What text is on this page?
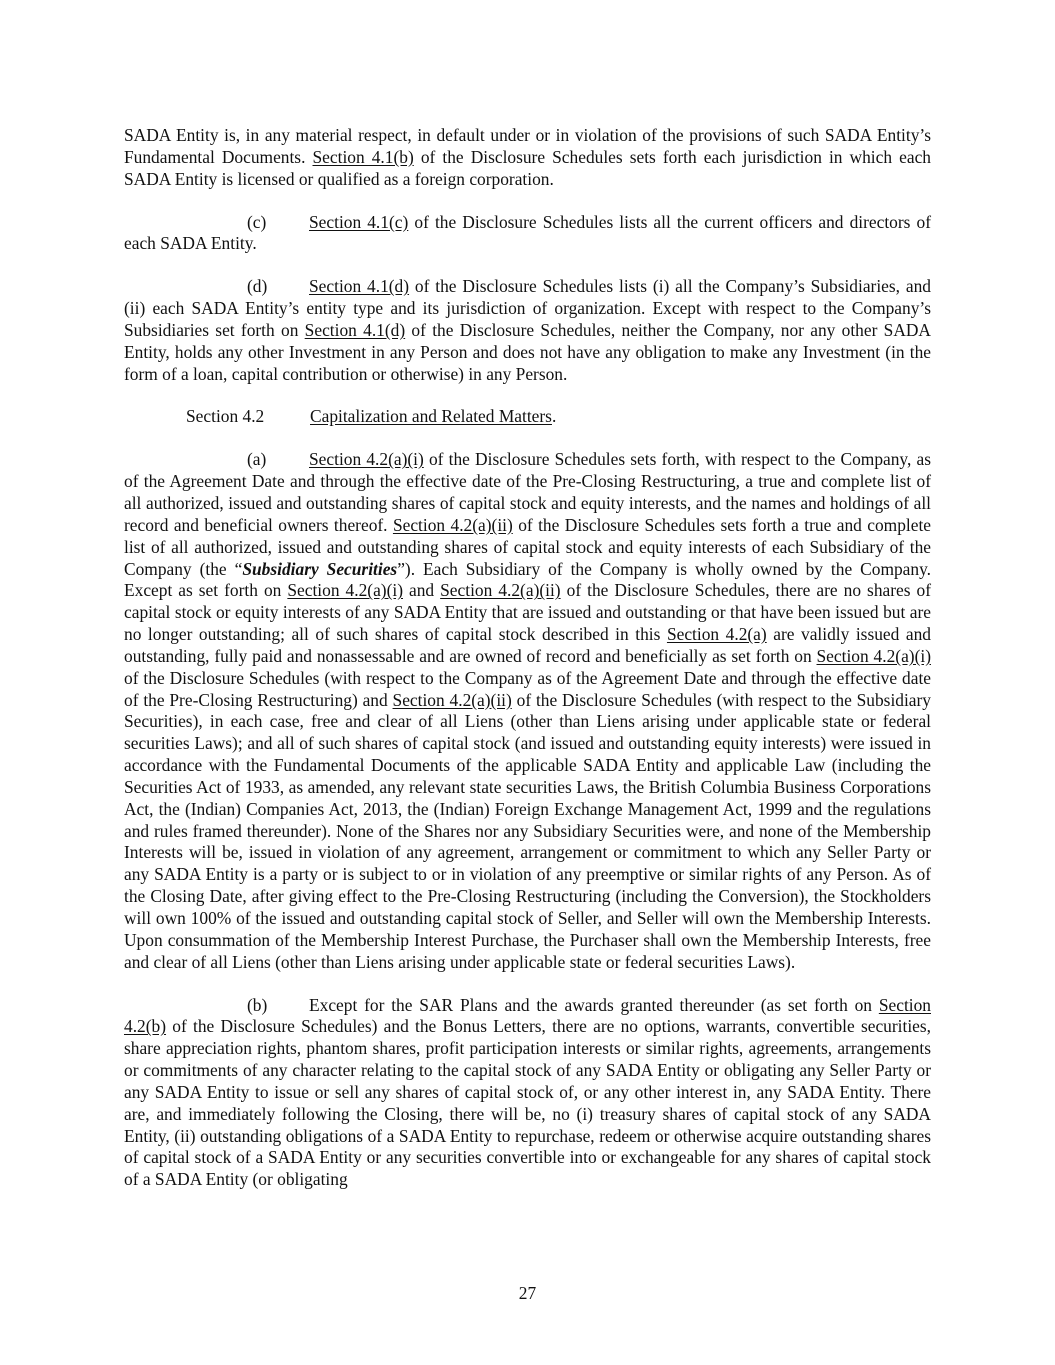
SADA Entity is, in any material respect, in default under or in violation of the provisions of such SADA Entity’s Fundamental Documents. Section 4.1(b) of the Disclosure Schedules sets forth each jurisdiction in which each SADA Entity is licensed or qualified as a foreign corporation.

(c) Section 4.1(c) of the Disclosure Schedules lists all the current officers and directors of each SADA Entity.

(d) Section 4.1(d) of the Disclosure Schedules lists (i) all the Company’s Subsidiaries, and (ii) each SADA Entity’s entity type and its jurisdiction of organization. Except with respect to the Company’s Subsidiaries set forth on Section 4.1(d) of the Disclosure Schedules, neither the Company, nor any other SADA Entity, holds any other Investment in any Person and does not have any obligation to make any Investment (in the form of a loan, capital contribution or otherwise) in any Person.

Section 4.2	Capitalization and Related Matters.

(a) Section 4.2(a)(i) of the Disclosure Schedules sets forth, with respect to the Company, as of the Agreement Date and through the effective date of the Pre-Closing Restructuring, a true and complete list of all authorized, issued and outstanding shares of capital stock and equity interests, and the names and holdings of all record and beneficial owners thereof. Section 4.2(a)(ii) of the Disclosure Schedules sets forth a true and complete list of all authorized, issued and outstanding shares of capital stock and equity interests of each Subsidiary of the Company (the “Subsidiary Securities”). Each Subsidiary of the Company is wholly owned by the Company. Except as set forth on Section 4.2(a)(i) and Section 4.2(a)(ii) of the Disclosure Schedules, there are no shares of capital stock or equity interests of any SADA Entity that are issued and outstanding or that have been issued but are no longer outstanding; all of such shares of capital stock described in this Section 4.2(a) are validly issued and outstanding, fully paid and nonassessable and are owned of record and beneficially as set forth on Section 4.2(a)(i) of the Disclosure Schedules (with respect to the Company as of the Agreement Date and through the effective date of the Pre-Closing Restructuring) and Section 4.2(a)(ii) of the Disclosure Schedules (with respect to the Subsidiary Securities), in each case, free and clear of all Liens (other than Liens arising under applicable state or federal securities Laws); and all of such shares of capital stock (and issued and outstanding equity interests) were issued in accordance with the Fundamental Documents of the applicable SADA Entity and applicable Law (including the Securities Act of 1933, as amended, any relevant state securities Laws, the British Columbia Business Corporations Act, the (Indian) Companies Act, 2013, the (Indian) Foreign Exchange Management Act, 1999 and the regulations and rules framed thereunder). None of the Shares nor any Subsidiary Securities were, and none of the Membership Interests will be, issued in violation of any agreement, arrangement or commitment to which any Seller Party or any SADA Entity is a party or is subject to or in violation of any preemptive or similar rights of any Person. As of the Closing Date, after giving effect to the Pre-Closing Restructuring (including the Conversion), the Stockholders will own 100% of the issued and outstanding capital stock of Seller, and Seller will own the Membership Interests. Upon consummation of the Membership Interest Purchase, the Purchaser shall own the Membership Interests, free and clear of all Liens (other than Liens arising under applicable state or federal securities Laws).

(b) Except for the SAR Plans and the awards granted thereunder (as set forth on Section 4.2(b) of the Disclosure Schedules) and the Bonus Letters, there are no options, warrants, convertible securities, share appreciation rights, phantom shares, profit participation interests or similar rights, agreements, arrangements or commitments of any character relating to the capital stock of any SADA Entity or obligating any Seller Party or any SADA Entity to issue or sell any shares of capital stock of, or any other interest in, any SADA Entity. There are, and immediately following the Closing, there will be, no (i) treasury shares of capital stock of any SADA Entity, (ii) outstanding obligations of a SADA Entity to repurchase, redeem or otherwise acquire outstanding shares of capital stock of a SADA Entity or any securities convertible into or exchangeable for any shares of capital stock of a SADA Entity (or obligating

27
